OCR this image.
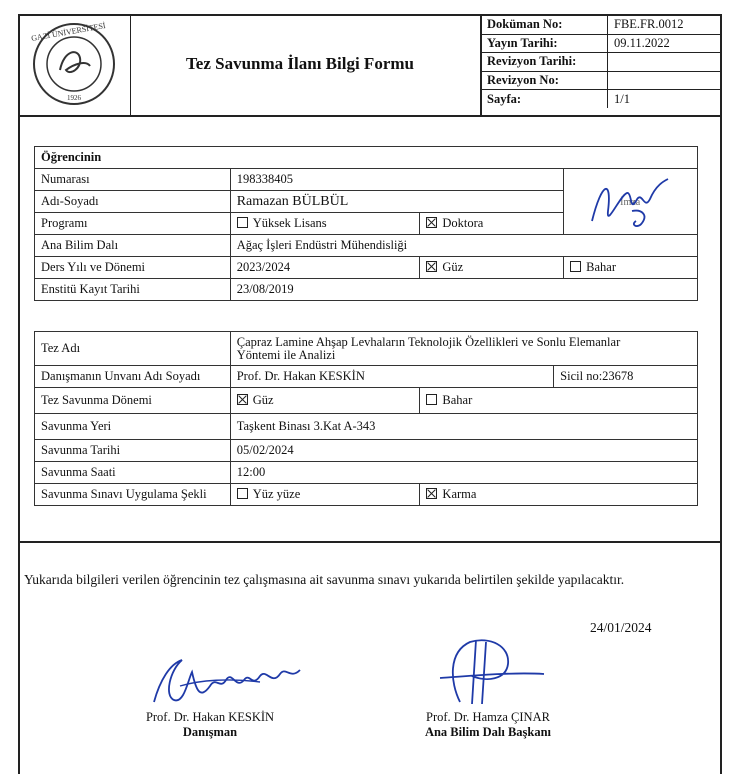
GAZİ ÜNİVERSİTESİ
1926
Tez Savunma İlanı Bilgi Formu
Doküman No:	FBE.FR.0012
Yayın Tarihi:	09.11.2022
Revizyon Tarihi:	
Revizyon No:	
Sayfa:	1/1
Öğrencinin			
Numarası	198338405		İmza

Adı-Soyadı	Ramazan BÜLBÜL		
Programı	Yüksek Lisans	Doktora	
Ana Bilim Dalı	Ağaç İşleri Endüstri Mühendisliği		
Ders Yılı ve Dönemi	2023/2024	Güz	Bahar
Enstitü Kayıt Tarihi	23/08/2019		
Tez Adı	Çapraz Lamine Ahşap Levhaların Teknolojik Özellikleri ve Sonlu Elemanlar
Yöntemi ile Analizi		

Danışmanın Unvanı Adı Soyadı	Prof. Dr. Hakan KESKİN		Sicil no:23678
Tez Savunma Dönemi	Güz	Bahar	
Savunma Yeri	Taşkent Binası 3.Kat A-343		
Savunma Tarihi	05/02/2024		
Savunma Saati	12:00		
Savunma Sınavı Uygulama Şekli	Yüz yüze	Karma	
Yukarıda bilgileri verilen öğrencinin tez çalışmasına ait savunma sınavı yukarıda belirtilen şekilde yapılacaktır.
24/01/2024
Prof. Dr. Hakan KESKİN
Danışman
Prof. Dr. Hamza ÇINAR
Ana Bilim Dalı Başkanı
